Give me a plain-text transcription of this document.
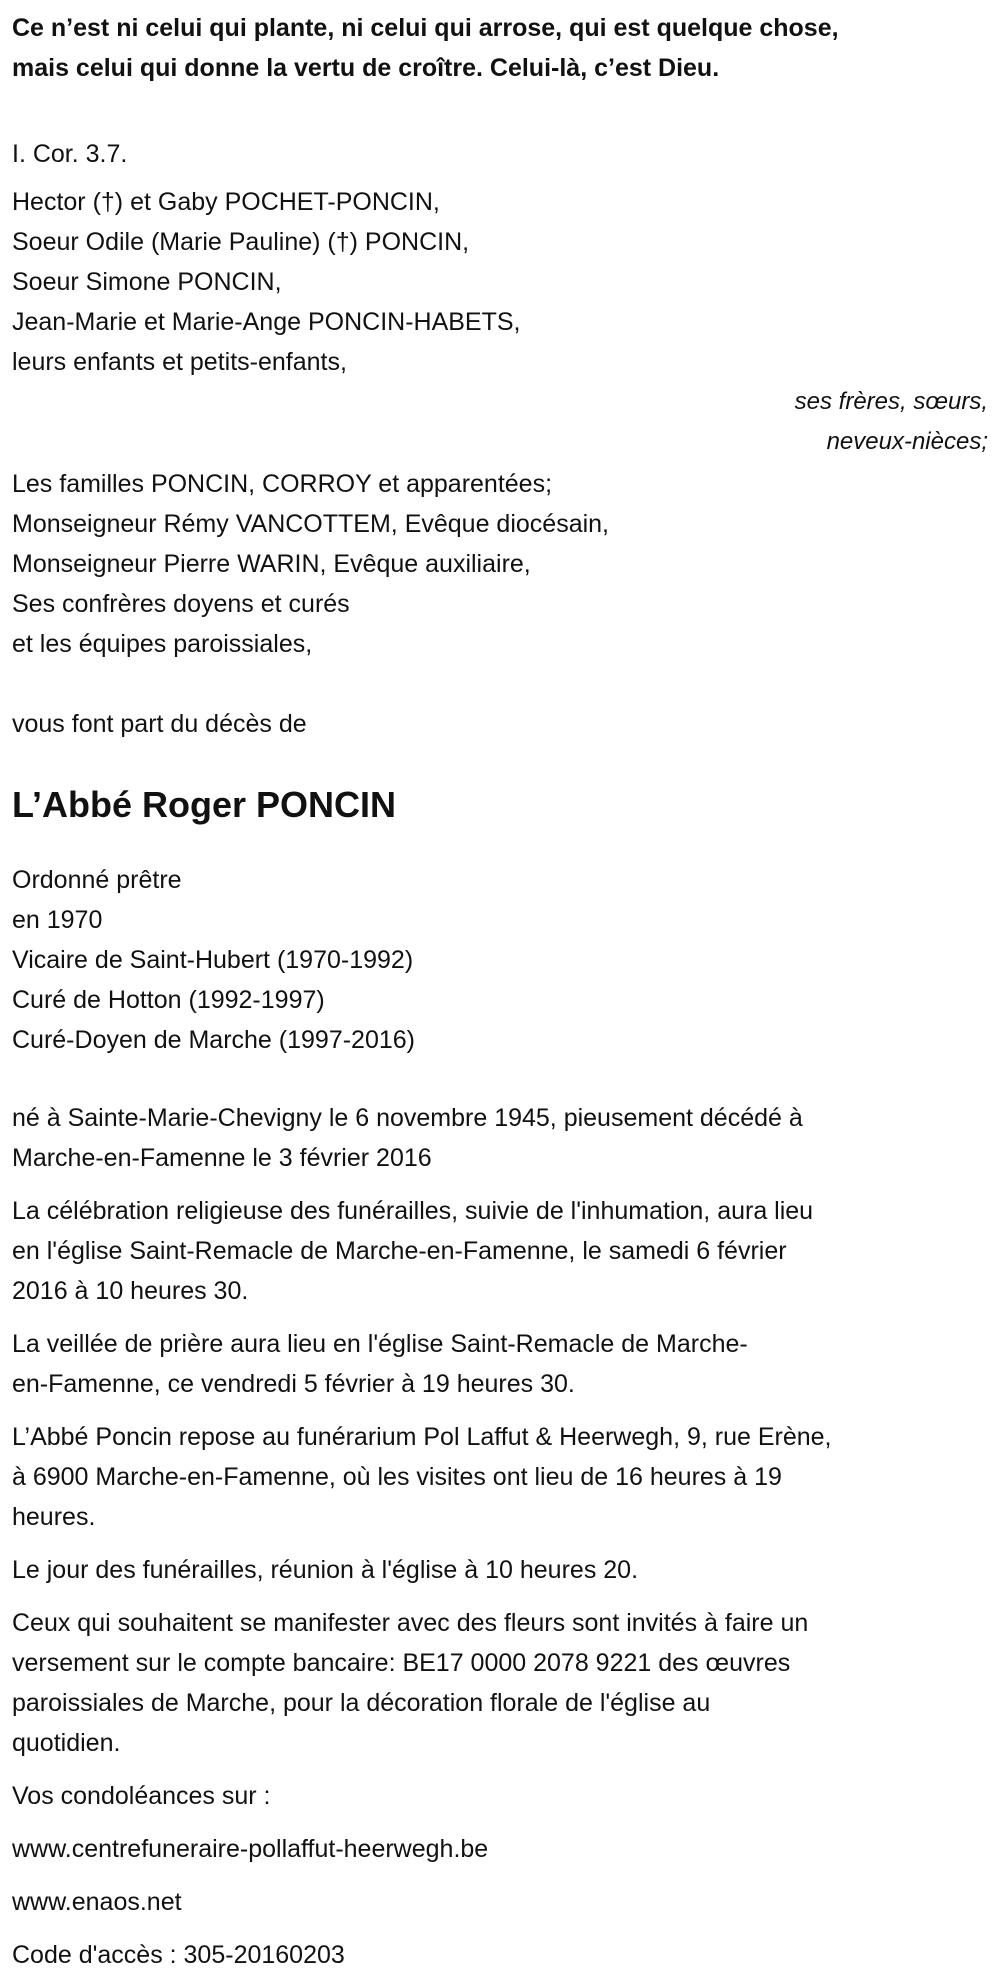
Ce n’est ni celui qui plante, ni celui qui arrose, qui est quelque chose,
mais celui qui donne la vertu de croître. Celui-là, c’est Dieu.
I. Cor. 3.7.
Hector (†) et Gaby POCHET-PONCIN,
Soeur Odile (Marie Pauline) (†) PONCIN,
Soeur Simone PONCIN,
Jean-Marie et Marie-Ange PONCIN-HABETS,
leurs enfants et petits-enfants,
ses frères, sœurs,
neveux-nièces;
Les familles PONCIN, CORROY et apparentées;
Monseigneur Rémy VANCOTTEM, Evêque diocésain,
Monseigneur Pierre WARIN, Evêque auxiliaire,
Ses confrères doyens et curés
et les équipes paroissiales,
vous font part du décès de
L’Abbé Roger PONCIN
Ordonné prêtre
en 1970
Vicaire de Saint-Hubert (1970-1992)
Curé de Hotton (1992-1997)
Curé-Doyen de Marche (1997-2016)
né à Sainte-Marie-Chevigny le 6 novembre 1945, pieusement décédé à
Marche-en-Famenne le 3 février 2016
La célébration religieuse des funérailles, suivie de l'inhumation, aura lieu
en l'église Saint-Remacle de Marche-en-Famenne, le samedi 6 février
2016 à 10 heures 30.
La veillée de prière aura lieu en l'église Saint-Remacle de Marche-
en-Famenne, ce vendredi 5 février à 19 heures 30.
L’Abbé Poncin repose au funérarium Pol Laffut & Heerwegh, 9, rue Erène,
à 6900 Marche-en-Famenne, où les visites ont lieu de 16 heures à 19
heures.
Le jour des funérailles, réunion à l'église à 10 heures 20.
Ceux qui souhaitent se manifester avec des fleurs sont invités à faire un
versement sur le compte bancaire: BE17 0000 2078 9221 des œuvres
paroissiales de Marche, pour la décoration florale de l'église au
quotidien.
Vos condoléances sur :
www.centrefuneraire-pollaffut-heerwegh.be
www.enaos.net
Code d'accès : 305-20160203
